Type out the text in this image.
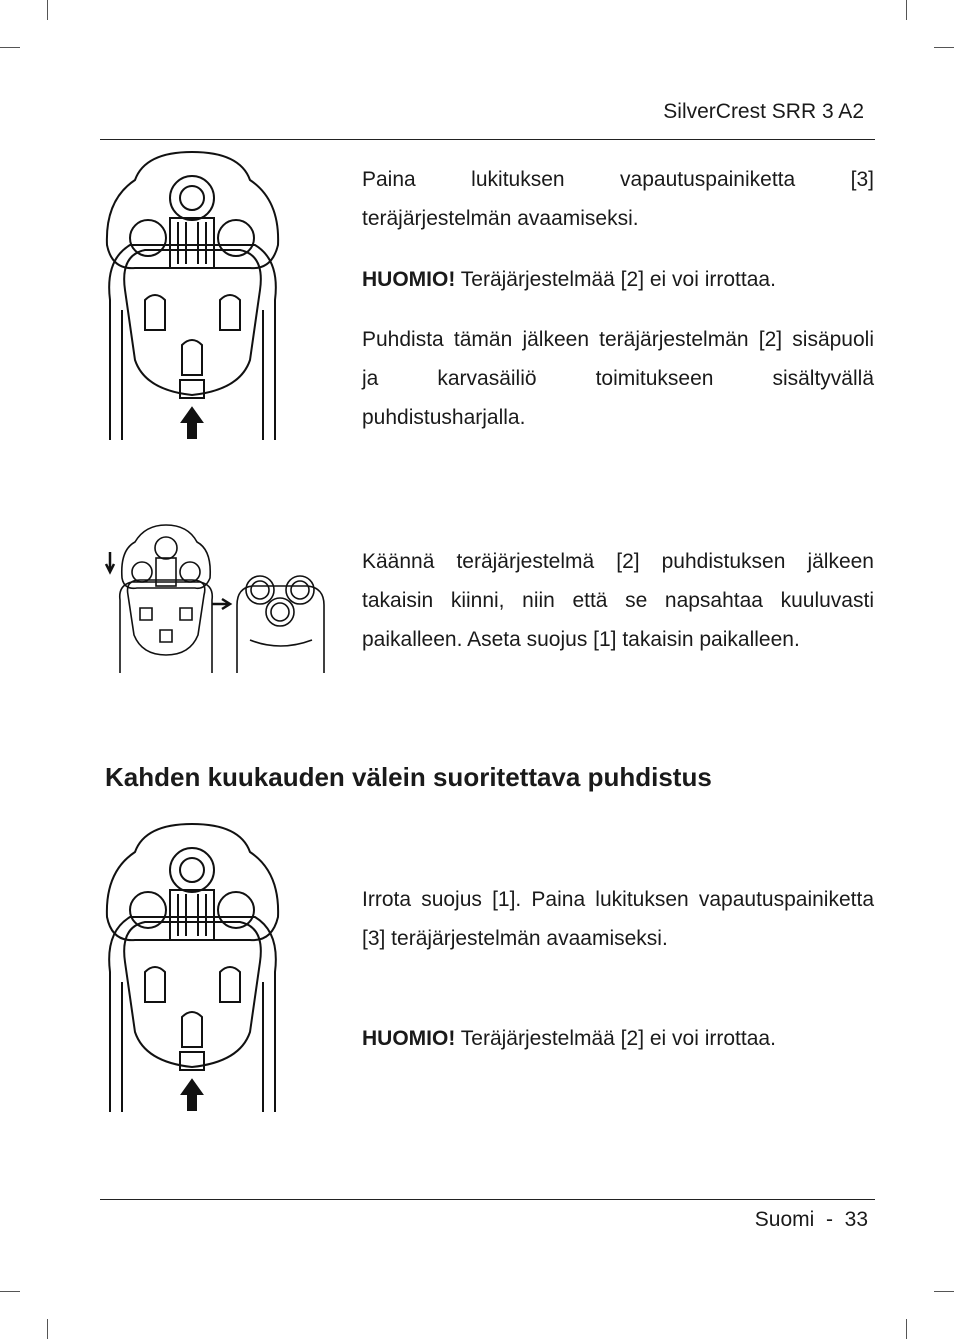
SilverCrest SRR 3 A2

Paina lukituksen vapautuspainiketta [3] teräjärjestelmän avaamiseksi.

HUOMIO! Teräjärjestelmää [2] ei voi irrottaa.

Puhdista tämän jälkeen teräjärjestelmän [2] sisäpuoli ja karvasäiliö toimitukseen sisältyvällä puhdistusharjalla.

Käännä teräjärjestelmä [2] puhdistuksen jälkeen takaisin kiinni, niin että se napsahtaa kuuluvasti paikalleen. Aseta suojus [1] takaisin paikalleen.

Kahden kuukauden välein suoritettava puhdistus

Irrota suojus [1]. Paina lukituksen vapautuspainiketta [3] teräjärjestelmän avaamiseksi.

HUOMIO! Teräjärjestelmää [2] ei voi irrottaa.

Suomi - 33
